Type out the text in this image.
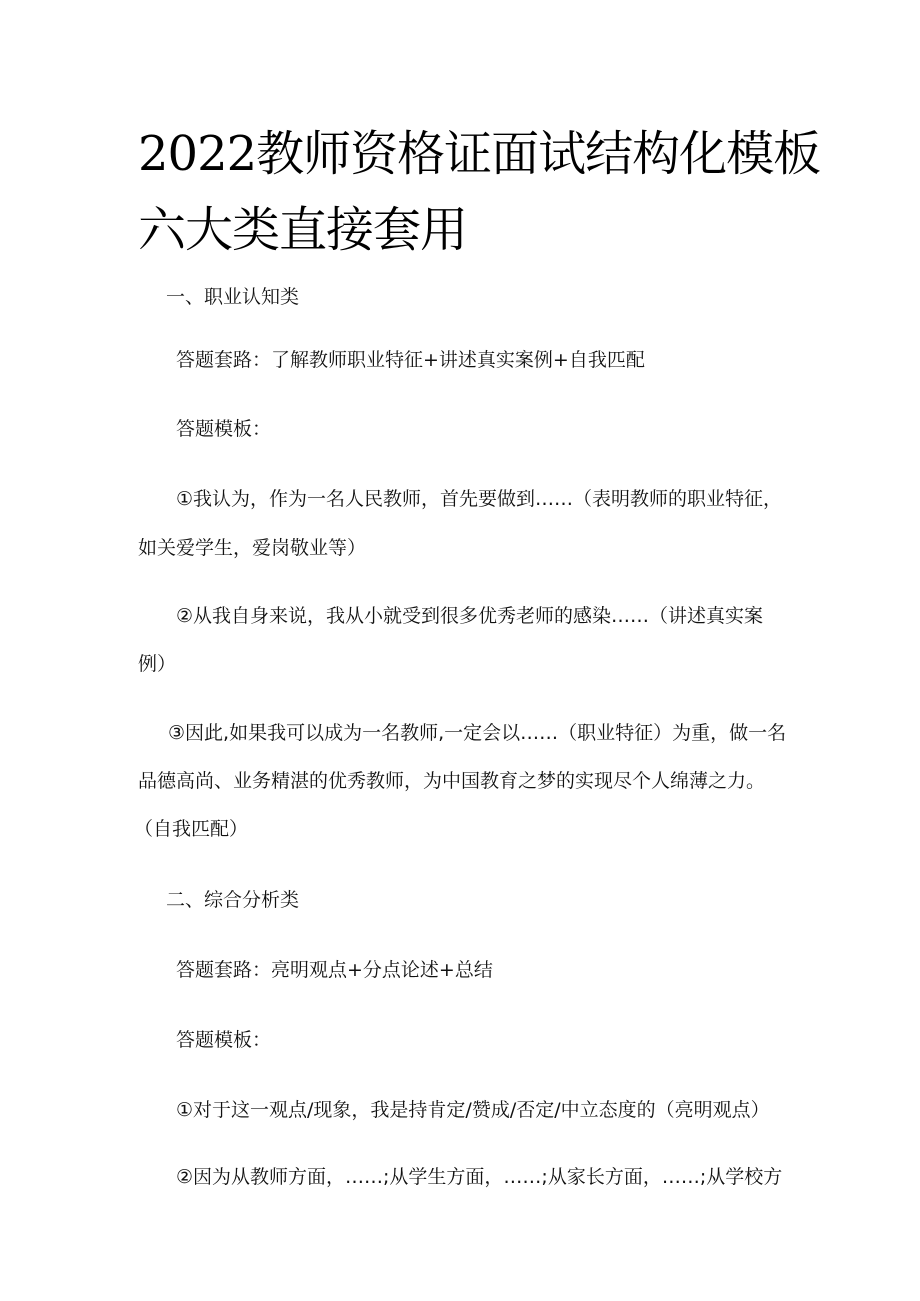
2022教师资格证面试结构化模板
六大类直接套用
一、职业认知类
答题套路：了解教师职业特征+讲述真实案例+自我匹配
答题模板：
①我认为，作为一名人民教师，首先要做到……（表明教师的职业特征，
如关爱学生，爱岗敬业等）
②从我自身来说，我从小就受到很多优秀老师的感染……（讲述真实案
例）
③因此,如果我可以成为一名教师,一定会以……（职业特征）为重，做一名
品德高尚、业务精湛的优秀教师，为中国教育之梦的实现尽个人绵薄之力。
（自我匹配）
二、综合分析类
答题套路：亮明观点+分点论述+总结
答题模板：
①对于这一观点/现象，我是持肯定/赞成/否定/中立态度的（亮明观点）
②因为从教师方面，……;从学生方面，……;从家长方面，……;从学校方
